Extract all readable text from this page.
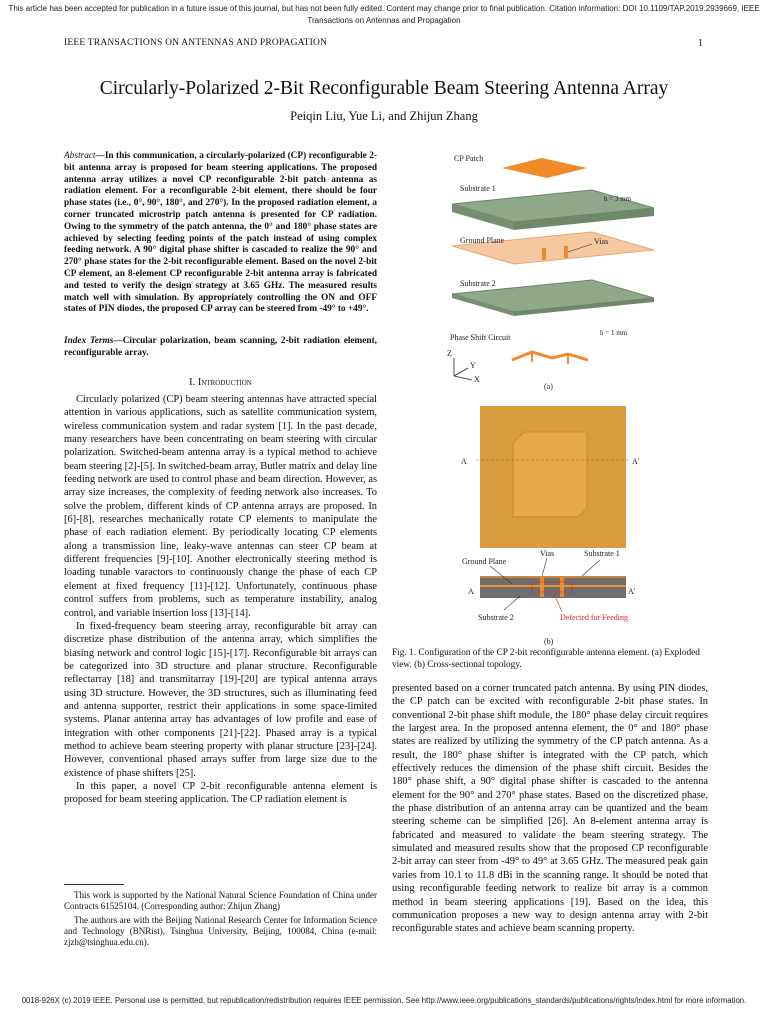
This article has been accepted for publication in a future issue of this journal, but has not been fully edited. Content may change prior to final publication. Citation information: DOI 10.1109/TAP.2019.2939669, IEEE
Transactions on Antennas and Propagation
IEEE TRANSACTIONS ON ANTENNAS AND PROPAGATION	1
Circularly-Polarized 2-Bit Reconfigurable Beam Steering Antenna Array
Peiqin Liu, Yue Li, and Zhijun Zhang
Abstract—In this communication, a circularly-polarized (CP) reconfigurable 2-bit antenna array is proposed for beam steering applications. The proposed antenna array utilizes a novel CP reconfigurable 2-bit patch antenna as radiation element. For a reconfigurable 2-bit element, there should be four phase states (i.e., 0°, 90°, 180°, and 270°). In the proposed radiation element, a corner truncated microstrip patch antenna is presented for CP radiation. Owing to the symmetry of the patch antenna, the 0° and 180° phase states are achieved by selecting feeding points of the patch instead of using complex feeding network. A 90° digital phase shifter is cascaded to realize the 90° and 270° phase states for the 2-bit reconfigurable element. Based on the novel 2-bit CP element, an 8-element CP reconfigurable 2-bit antenna array is fabricated and tested to verify the design strategy at 3.65 GHz. The measured results match well with simulation. By appropriately controlling the ON and OFF states of PIN diodes, the proposed CP array can be steered from -49° to +49°.
Index Terms—Circular polarization, beam scanning, 2-bit radiation element, reconfigurable array.
I. Introduction

Circularly polarized (CP) beam steering antennas have attracted special attention in various applications, such as satellite communication system, wireless communication system and radar system [1]. In the past decade, many researchers have been concentrating on beam steering with circular polarization. Switched-beam antenna array is a typical method to achieve beam steering [2]-[5]. In switched-beam array, Butler matrix and delay line feeding network are used to control phase and beam direction. However, as array size increases, the complexity of feeding network also increases. To solve the problem, different kinds of CP antenna arrays are proposed. In [6]-[8], researches mechanically rotate CP elements to manipulate the phase of each radiation element. By periodically locating CP elements along a transmission line, leaky-wave antennas can steer CP beam at different frequencies [9]-[10]. Another electronically steering method is loading tunable varactors to continuously change the phase of each CP element at fixed frequency [11]-[12]. Unfortunately, continuous phase control suffers from problems, such as temperature instability, analog control, and variable insertion loss [13]-[14].

In fixed-frequency beam steering array, reconfigurable bit array can discretize phase distribution of the antenna array, which simplifies the biasing network and control logic [15]-[17]. Reconfigurable bit arrays can be categorized into 3D structure and planar structure. Reconfigurable reflectarray [18] and transmitarray [19]-[20] are typical antenna arrays using 3D structure. However, the 3D structures, such as illuminating feed and antenna supporter, restrict their applications in some space-limited systems. Planar antenna array has advantages of low profile and ease of integration with other components [21]-[22]. Phased array is a typical method to achieve beam steering property with planar structure [23]-[24]. However, conventional phased arrays suffer from large size due to the existence of phase shifters [25].

In this paper, a novel CP 2-bit reconfigurable antenna element is proposed for beam steering application. The CP radiation element is

This work is supported by the National Natural Science Foundation of China under Contracts 61525104. (Corresponding author: Zhijun Zhang)

The authors are with the Beijing National Research Center for Information Science and Technology (BNRist), Tsinghua University, Beijing, 100084, China (e-mail: zjzh@tsinghua.edu.cn).

CP Patch
Substrate 1
h = 3 mm
Ground Plane	Vias
Substrate 2
h = 1 mm
Phase Shift Circuit
Z
Y
X
(a)
A	A'
Vias	Substrate 1
Ground Plane
A	A'
Substrate 2	Defected for Feeding
(b)
Fig. 1. Configuration of the CP 2-bit reconfigurable antenna element. (a) Exploded view. (b) Cross-sectional topology.

presented based on a corner truncated patch antenna. By using PIN diodes, the CP patch can be excited with reconfigurable 2-bit phase states. In conventional 2-bit phase shift module, the 180° phase delay circuit requires the largest area. In the proposed antenna element, the 0° and 180° phase states are realized by utilizing the symmetry of the CP patch antenna. As a result, the 180° phase shifter is integrated with the CP patch, which effectively reduces the dimension of the phase shift circuit. Besides the 180° phase shift, a 90° digital phase shifter is cascaded to the antenna element for the 90° and 270° phase states. Based on the discretized phase, the phase distribution of an antenna array can be quantized and the beam steering scheme can be simplified [26]. An 8-element antenna array is fabricated and measured to validate the beam steering strategy. The simulated and measured results show that the proposed CP reconfigurable 2-bit array can steer from -49° to 49° at 3.65 GHz. The measured peak gain varies from 10.1 to 11.8 dBi in the scanning range. It should be noted that using reconfigurable feeding network to realize bit array is a common method in beam steering applications [19]. Based on the idea, this communication proposes a new way to design antenna array with 2-bit reconfigurable states and achieve beam scanning property.

0018-926X (c) 2019 IEEE. Personal use is permitted, but republication/redistribution requires IEEE permission. See http://www.ieee.org/publications_standards/publications/rights/index.html for more information.
